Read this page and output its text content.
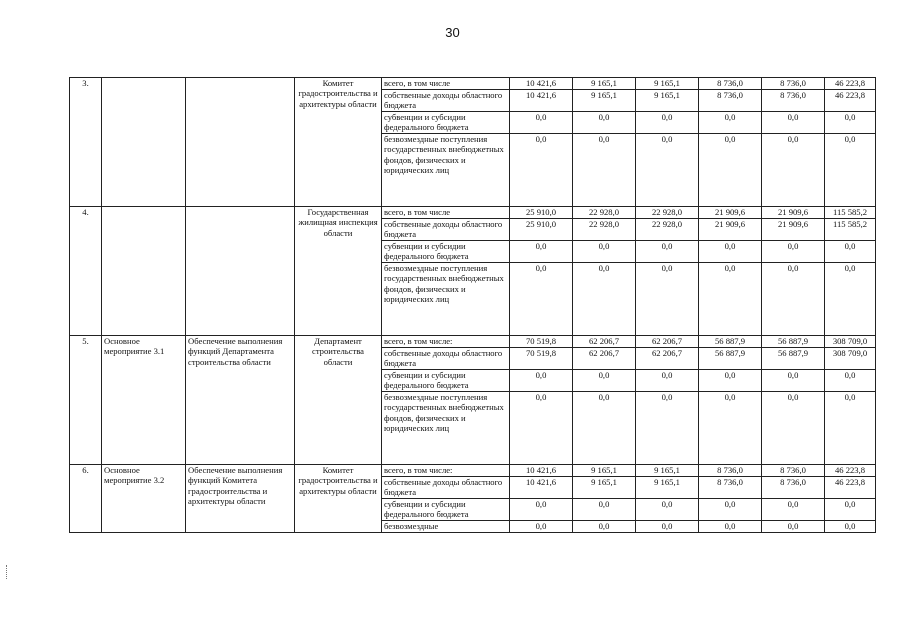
30
3.			Комитет градостроительства и архитектуры области	всего, в том числе	10 421,6	9 165,1	9 165,1	8 736,0	8 736,0	46 223,8
				собственные доходы областного бюджета	10 421,6	9 165,1	9 165,1	8 736,0	8 736,0	46 223,8
				субвенции и субсидии федерального бюджета	0,0	0,0	0,0	0,0	0,0	0,0
				безвозмездные поступления государственных внебюджетных фондов, физических и юридических лиц	0,0	0,0	0,0	0,0	0,0	0,0
4.			Государственная жилищная инспекция области	всего, в том числе	25 910,0	22 928,0	22 928,0	21 909,6	21 909,6	115 585,2
				собственные доходы областного бюджета	25 910,0	22 928,0	22 928,0	21 909,6	21 909,6	115 585,2
				субвенции и субсидии федерального бюджета	0,0	0,0	0,0	0,0	0,0	0,0
				безвозмездные поступления государственных внебюджетных фондов, физических и юридических лиц	0,0	0,0	0,0	0,0	0,0	0,0
5.	Основное мероприятие 3.1	Обеспечение выполнения функций Департамента строительства области	Департамент строительства области	всего, в том числе:	70 519,8	62 206,7	62 206,7	56 887,9	56 887,9	308 709,0
				собственные доходы областного бюджета	70 519,8	62 206,7	62 206,7	56 887,9	56 887,9	308 709,0
				субвенции и субсидии федерального бюджета	0,0	0,0	0,0	0,0	0,0	0,0
				безвозмездные поступления государственных внебюджетных фондов, физических и юридических лиц	0,0	0,0	0,0	0,0	0,0	0,0
6.	Основное мероприятие 3.2	Обеспечение выполнения функций Комитета градостроительства и архитектуры области	Комитет градостроительства и архитектуры области	всего, в том числе:	10 421,6	9 165,1	9 165,1	8 736,0	8 736,0	46 223,8
				собственные доходы областного бюджета	10 421,6	9 165,1	9 165,1	8 736,0	8 736,0	46 223,8
				субвенции и субсидии федерального бюджета	0,0	0,0	0,0	0,0	0,0	0,0
				безвозмездные	0,0	0,0	0,0	0,0	0,0	0,0
